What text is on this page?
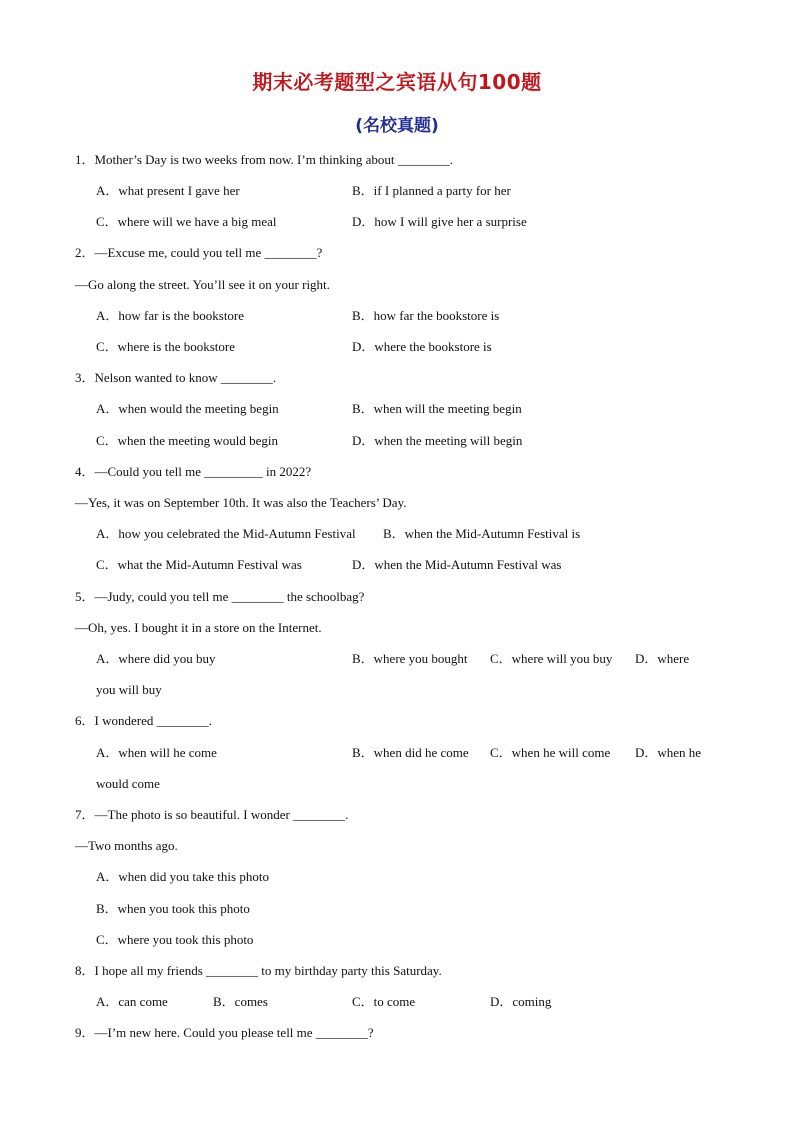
期末必考题型之宾语从句100题
(名校真题)
1．Mother’s Day is two weeks from now. I’m thinking about ________.
A．what present I gave her	B．if I planned a party for her
C．where will we have a big meal	D．how I will give her a surprise
2．—Excuse me, could you tell me ________?
—Go along the street. You’ll see it on your right.
A．how far is the bookstore	B．how far the bookstore is
C．where is the bookstore	D．where the bookstore is
3．Nelson wanted to know ________.
A．when would the meeting begin	B．when will the meeting begin
C．when the meeting would begin	D．when the meeting will begin
4．—Could you tell me _________ in 2022?
—Yes, it was on September 10th. It was also the Teachers’ Day.
A．how you celebrated the Mid-Autumn Festival B．when the Mid-Autumn Festival is
C．what the Mid-Autumn Festival was	D．when the Mid-Autumn Festival was
5．—Judy, could you tell me ________ the schoolbag?
—Oh, yes. I bought it in a store on the Internet.
A．where did you buy	B．where you bought C．where will you buy D．where
you will buy
6．I wondered ________.
A．when will he come	B．when did he come C．when he will come D．when he
would come
7．—The photo is so beautiful. I wonder ________.
—Two months ago.
A．when did you take this photo
B．when you took this photo
C．where you took this photo
8．I hope all my friends ________ to my birthday party this Saturday.
A．can come	B．comes	C．to come	D．coming
9．—I’m new here. Could you please tell me ________?
